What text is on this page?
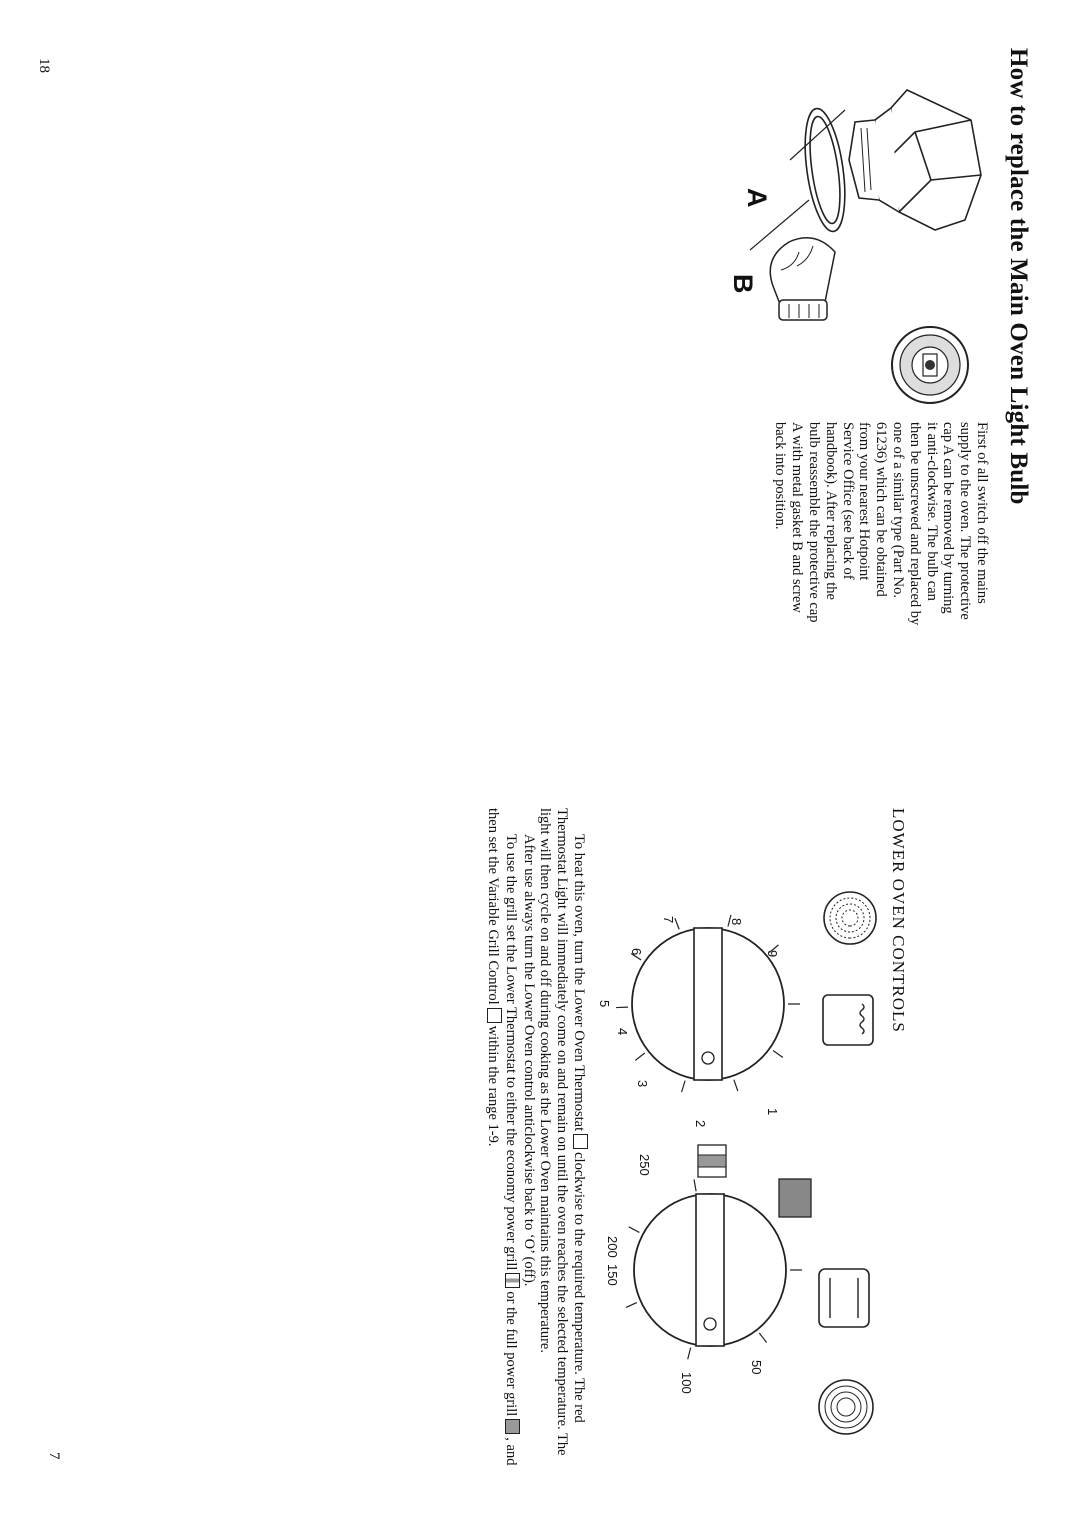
18
7
How to replace the Main Oven Light Bulb
A
B

First of all switch off the mains

supply to the oven. The protective

cap A can be removed by turning

it anti-clockwise. The bulb can

then be unscrewed and replaced by

one of a similar type (Part No.

61236) which can be obtained

from your nearest Hotpoint

Service Office (see back of

handbook). After replacing the

bulb reassemble the protective cap

A with metal gasket B and screw

back into position.

LOWER OVEN CONTROLS
1
2
3
4
5
6
7	8
9
50
100
150
200
250

To heat this oven, turn the Lower Oven Thermostatclockwise to the required temperature. The red Thermostat Light will immediately come on and remain on until the oven reaches the selected temperature. The light will then cycle on and off during cooking as the Lower Oven maintains this temperature.

After use always turn the Lower Oven control anticlockwise back to ‘O’ (off).

To use the grill set the Lower Thermostat to either the economy power grillor the full power grill, and then set the Variable Grill Controlwithin the range 1-9.
